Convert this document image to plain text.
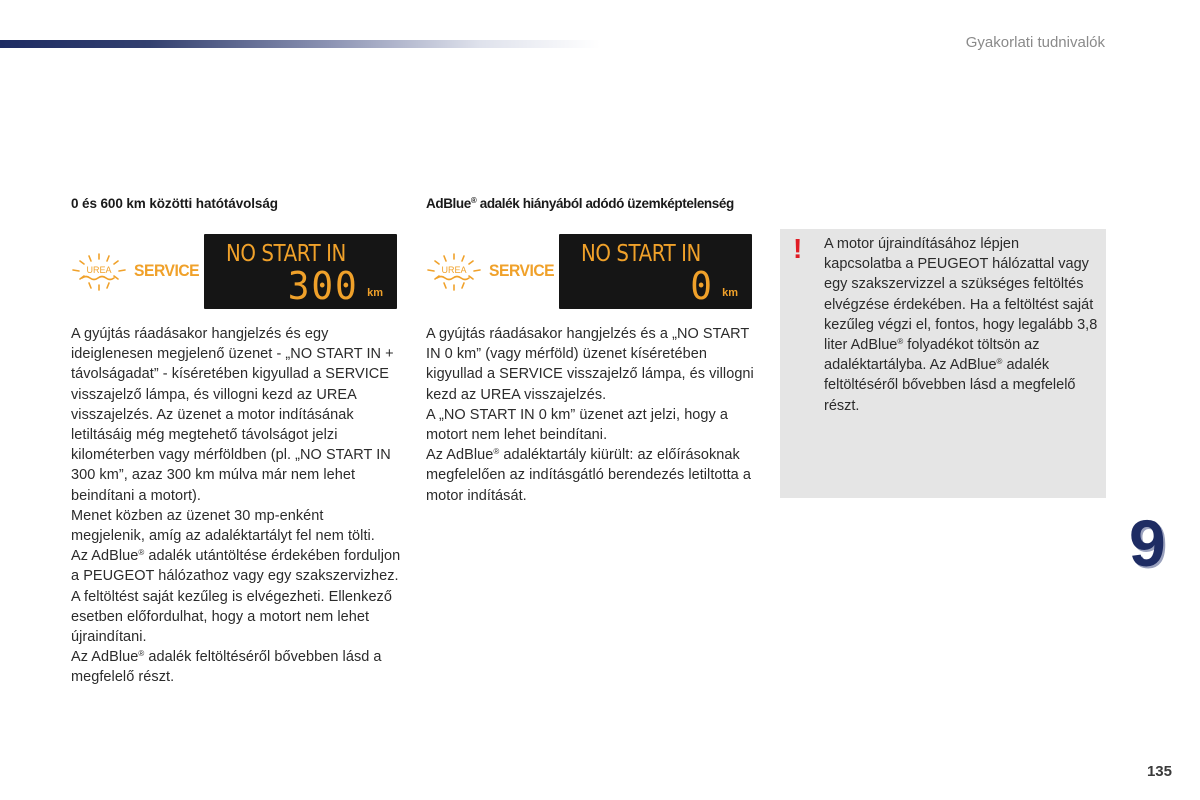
Gyakorlati tudnivalók
0 és 600 km közötti hatótávolság
UREA SERVICE
NO START IN
300 km

A gyújtás ráadásakor hangjelzés és egy ideiglenesen megjelenő üzenet - „NO START IN + távolságadat” - kíséretében kigyullad a SERVICE visszajelző lámpa, és villogni kezd az UREA visszajelzés. Az üzenet a motor indításának letiltásáig még megtehető távolságot jelzi kilométerben vagy mérföldben (pl. „NO START IN 300 km”, azaz 300 km múlva már nem lehet beindítani a motort).

Menet közben az üzenet 30 mp-enként megjelenik, amíg az adaléktartályt fel nem tölti.

Az AdBlue® adalék utántöltése érdekében forduljon a PEUGEOT hálózathoz vagy egy szakszervizhez.

A feltöltést saját kezűleg is elvégezheti. Ellenkező esetben előfordulhat, hogy a motort nem lehet újraindítani.

Az AdBlue® adalék feltöltéséről bővebben lásd a megfelelő részt.

AdBlue® adalék hiányából adódó üzemképtelenség
UREA SERVICE
NO START IN
0 km

A gyújtás ráadásakor hangjelzés és a „NO START IN 0 km” (vagy mérföld) üzenet kíséretében kigyullad a SERVICE visszajelző lámpa, és villogni kezd az UREA visszajelzés.

A „NO START IN 0 km” üzenet azt jelzi, hogy a motort nem lehet beindítani.

Az AdBlue® adaléktartály kiürült: az előírásoknak megfelelően az indításgátló berendezés letiltotta a motor indítását.

! A motor újraindításához lépjen kapcsolatba a PEUGEOT hálózattal vagy egy szakszervizzel a szükséges feltöltés elvégzése érdekében. Ha a feltöltést saját kezűleg végzi el, fontos, hogy legalább 3,8 liter AdBlue® folyadékot töltsön az adaléktartályba. Az AdBlue® adalék feltöltéséről bővebben lásd a megfelelő részt.
9
135
